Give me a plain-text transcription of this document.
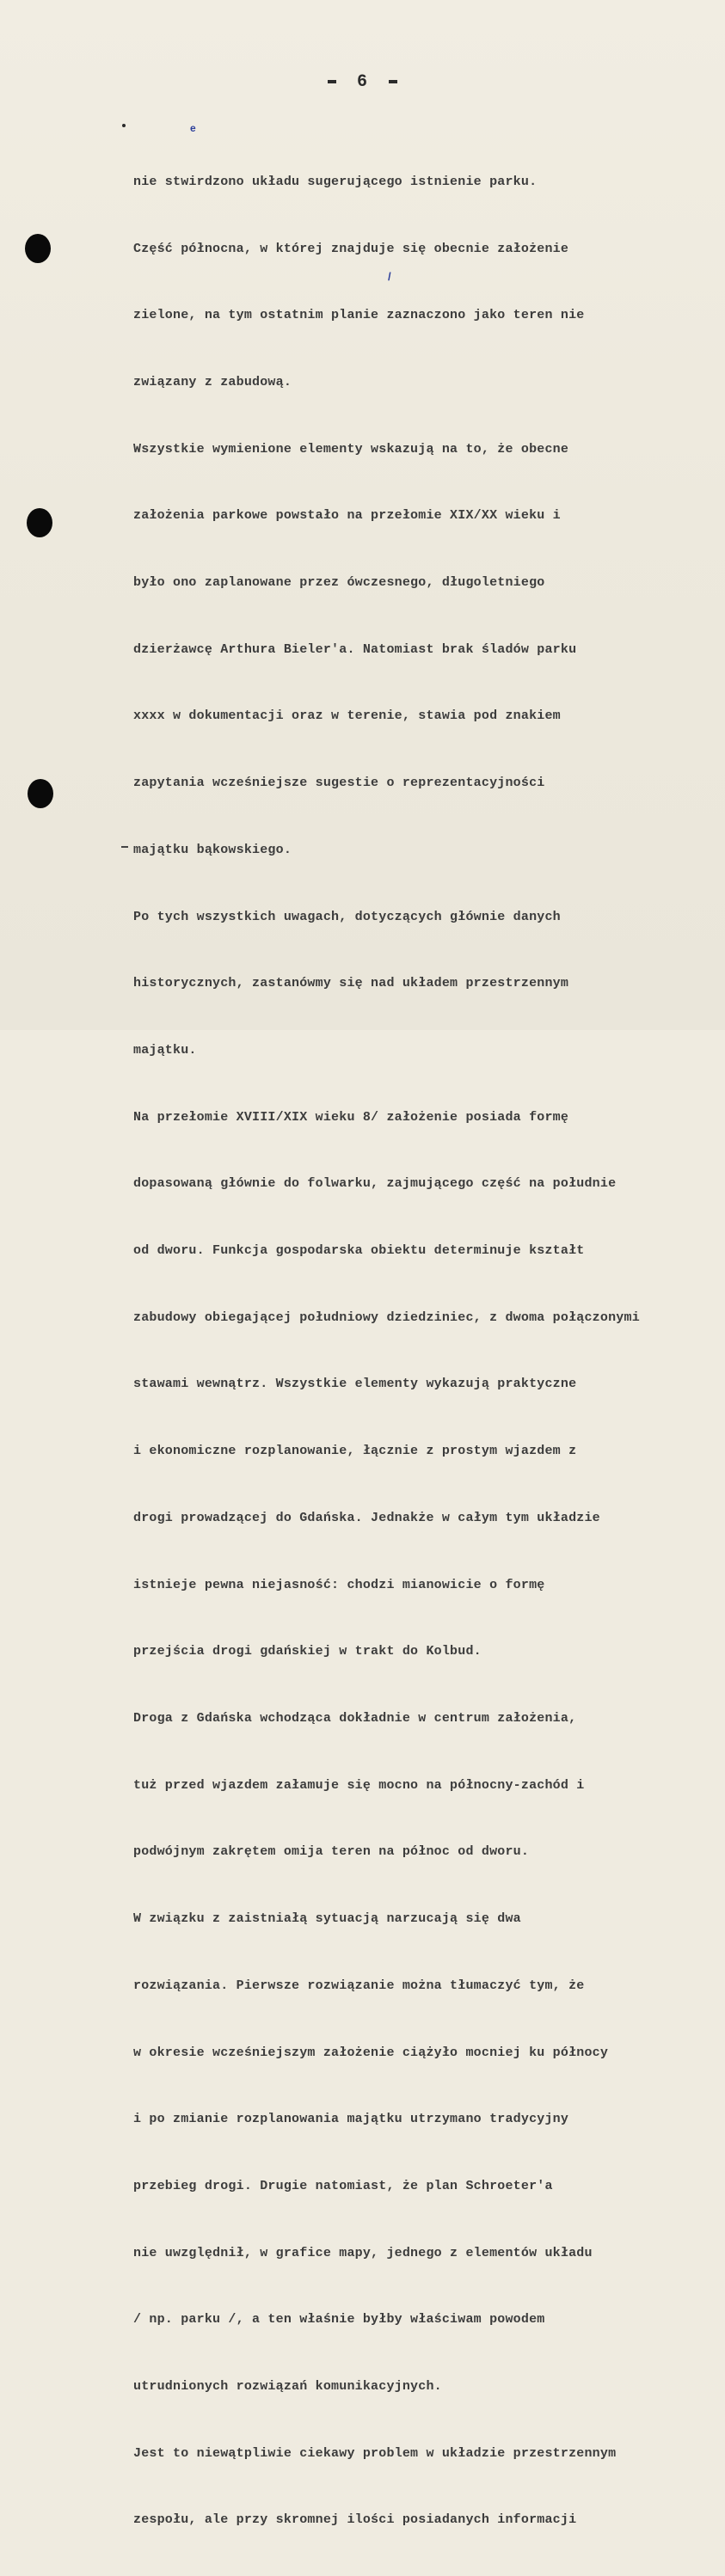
6
e
/

nie stwirdzono układu sugerującego istnienie parku.

Część północna, w której znajduje się obecnie założenie

zielone, na tym ostatnim planie zaznaczono jako teren nie

związany z zabudową.

Wszystkie wymienione elementy wskazują na to, że obecne

założenia parkowe powstało na przełomie XIX/XX wieku i

było ono zaplanowane przez ówczesnego, długoletniego

dzierżawcę Arthura Bieler'a. Natomiast brak śladów parku

xxxx w dokumentacji oraz w terenie, stawia pod znakiem

zapytania wcześniejsze sugestie o reprezentacyjności

majątku bąkowskiego.

Po tych wszystkich uwagach, dotyczących głównie danych

historycznych, zastanówmy się nad układem przestrzennym

majątku.

Na przełomie XVIII/XIX wieku 8/ założenie posiada formę

dopasowaną głównie do folwarku, zajmującego część na południe

od dworu. Funkcja gospodarska obiektu determinuje kształt

zabudowy obiegającej południowy dziedziniec, z dwoma połączonymi

stawami wewnątrz. Wszystkie elementy wykazują praktyczne

i ekonomiczne rozplanowanie, łącznie z prostym wjazdem z

drogi prowadzącej do Gdańska. Jednakże w całym tym układzie

istnieje pewna niejasność: chodzi mianowicie o formę

przejścia drogi gdańskiej w trakt do Kolbud.

Droga z Gdańska wchodząca dokładnie w centrum założenia,

tuż przed wjazdem załamuje się mocno na północny-zachód i

podwójnym zakrętem omija teren na północ od dworu.

W związku z zaistniałą sytuacją narzucają się dwa

rozwiązania. Pierwsze rozwiązanie można tłumaczyć tym, że

w okresie wcześniejszym założenie ciążyło mocniej ku północy

i po zmianie rozplanowania majątku utrzymano tradycyjny

przebieg drogi. Drugie natomiast, że plan Schroeter'a

nie uwzględnił, w grafice mapy, jednego z elementów układu

/ np. parku /, a ten właśnie byłby właściwam powodem

utrudnionych rozwiązań komunikacyjnych.

Jest to niewątpliwie ciekawy problem w układzie przestrzennym

zespołu, ale przy skromnej ilości posiadanych informacji
